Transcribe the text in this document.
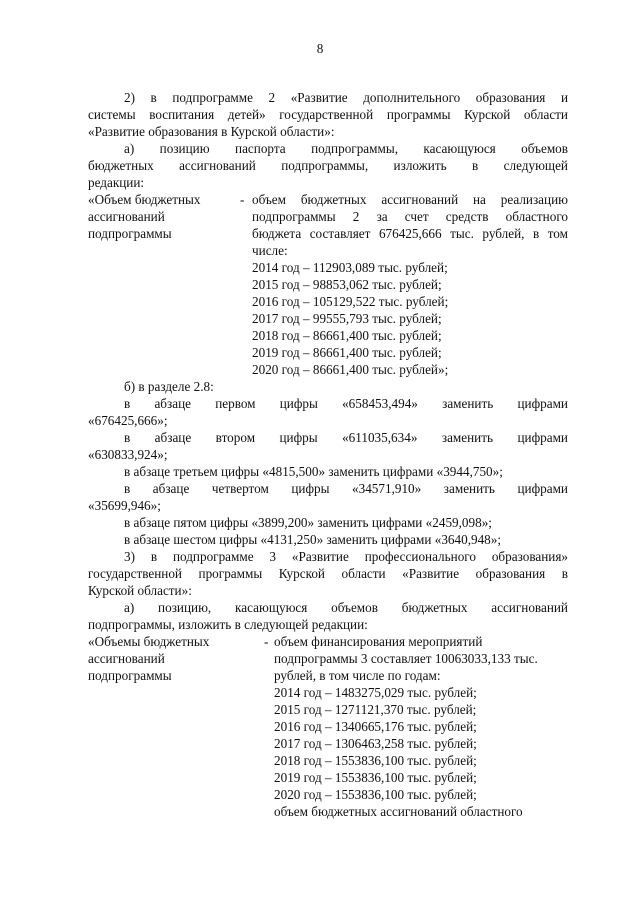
8
2) в подпрограмме 2 «Развитие дополнительного образования и
системы воспитания детей» государственной программы Курской области
«Развитие образования в Курской области»:
а) позицию паспорта подпрограммы, касающуюся объемов
бюджетных ассигнований подпрограммы, изложить в следующей
редакции:
«Объем бюджетных
ассигнований
подпрограммы
- объем бюджетных ассигнований на реализацию
подпрограммы 2 за счет средств областного
бюджета составляет 676425,666 тыс. рублей, в том
числе:
2014 год – 112903,089 тыс. рублей;
2015 год – 98853,062 тыс. рублей;
2016 год – 105129,522 тыс. рублей;
2017 год – 99555,793 тыс. рублей;
2018 год – 86661,400 тыс. рублей;
2019 год – 86661,400 тыс. рублей;
2020 год – 86661,400 тыс. рублей»;
б) в разделе 2.8:
в абзаце первом цифры «658453,494» заменить цифрами
«676425,666»;
в абзаце втором цифры «611035,634» заменить цифрами
«630833,924»;
в абзаце третьем цифры «4815,500» заменить цифрами «3944,750»;
в абзаце четвертом цифры «34571,910» заменить цифрами
«35699,946»;
в абзаце пятом цифры «3899,200» заменить цифрами «2459,098»;
в абзаце шестом цифры «4131,250» заменить цифрами «3640,948»;
3) в подпрограмме 3 «Развитие профессионального образования»
государственной программы Курской области «Развитие образования в
Курской области»:
а) позицию, касающуюся объемов бюджетных ассигнований
подпрограммы, изложить в следующей редакции:
«Объемы бюджетных
ассигнований
подпрограммы
- объем финансирования мероприятий
подпрограммы 3 составляет 10063033,133 тыс.
рублей, в том числе по годам:
2014 год – 1483275,029 тыс. рублей;
2015 год – 1271121,370 тыс. рублей;
2016 год – 1340665,176 тыс. рублей;
2017 год – 1306463,258 тыс. рублей;
2018 год – 1553836,100 тыс. рублей;
2019 год – 1553836,100 тыс. рублей;
2020 год – 1553836,100 тыс. рублей;
объем бюджетных ассигнований областного
